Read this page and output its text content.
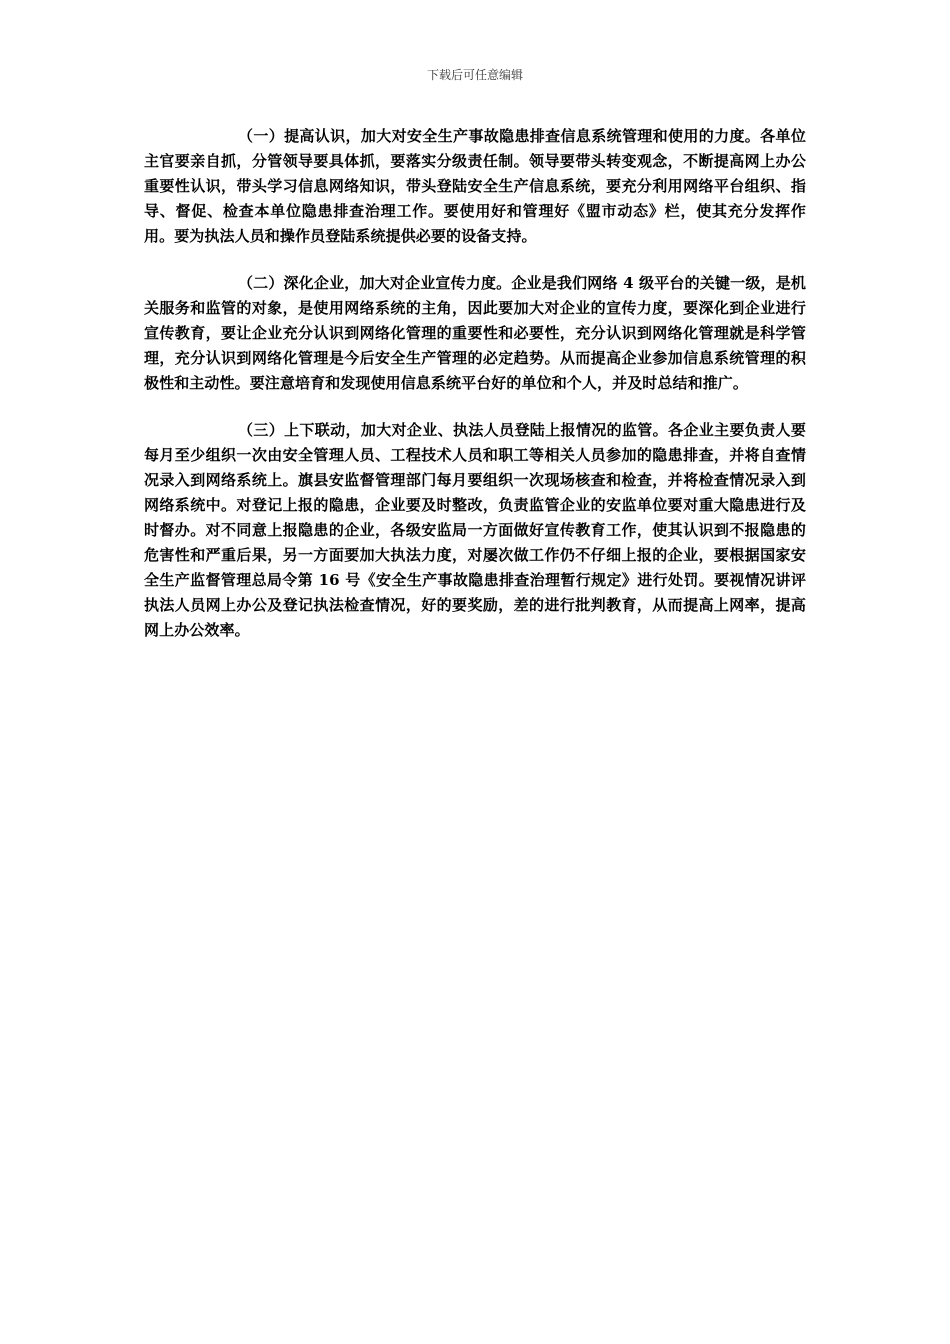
下载后可任意编辑

（一）提高认识，加大对安全生产事故隐患排查信息系统管理和使用的力度。各单位主官要亲自抓，分管领导要具体抓，要落实分级责任制。领导要带头转变观念，不断提高网上办公重要性认识，带头学习信息网络知识，带头登陆安全生产信息系统，要充分利用网络平台组织、指导、督促、检查本单位隐患排查治理工作。要使用好和管理好《盟市动态》栏，使其充分发挥作用。要为执法人员和操作员登陆系统提供必要的设备支持。

（二）深化企业，加大对企业宣传力度。企业是我们网络 4 级平台的关键一级，是机关服务和监管的对象，是使用网络系统的主角，因此要加大对企业的宣传力度，要深化到企业进行宣传教育，要让企业充分认识到网络化管理的重要性和必要性，充分认识到网络化管理就是科学管理，充分认识到网络化管理是今后安全生产管理的必定趋势。从而提高企业参加信息系统管理的积极性和主动性。要注意培育和发现使用信息系统平台好的单位和个人，并及时总结和推广。

（三）上下联动，加大对企业、执法人员登陆上报情况的监管。各企业主要负责人要每月至少组织一次由安全管理人员、工程技术人员和职工等相关人员参加的隐患排查，并将自查情况录入到网络系统上。旗县安监督管理部门每月要组织一次现场核查和检查，并将检查情况录入到网络系统中。对登记上报的隐患，企业要及时整改，负责监管企业的安监单位要对重大隐患进行及时督办。对不同意上报隐患的企业，各级安监局一方面做好宣传教育工作，使其认识到不报隐患的危害性和严重后果，另一方面要加大执法力度，对屡次做工作仍不仔细上报的企业，要根据国家安全生产监督管理总局令第 16 号《安全生产事故隐患排查治理暂行规定》进行处罚。要视情况讲评执法人员网上办公及登记执法检查情况，好的要奖励，差的进行批判教育，从而提高上网率，提高网上办公效率。
